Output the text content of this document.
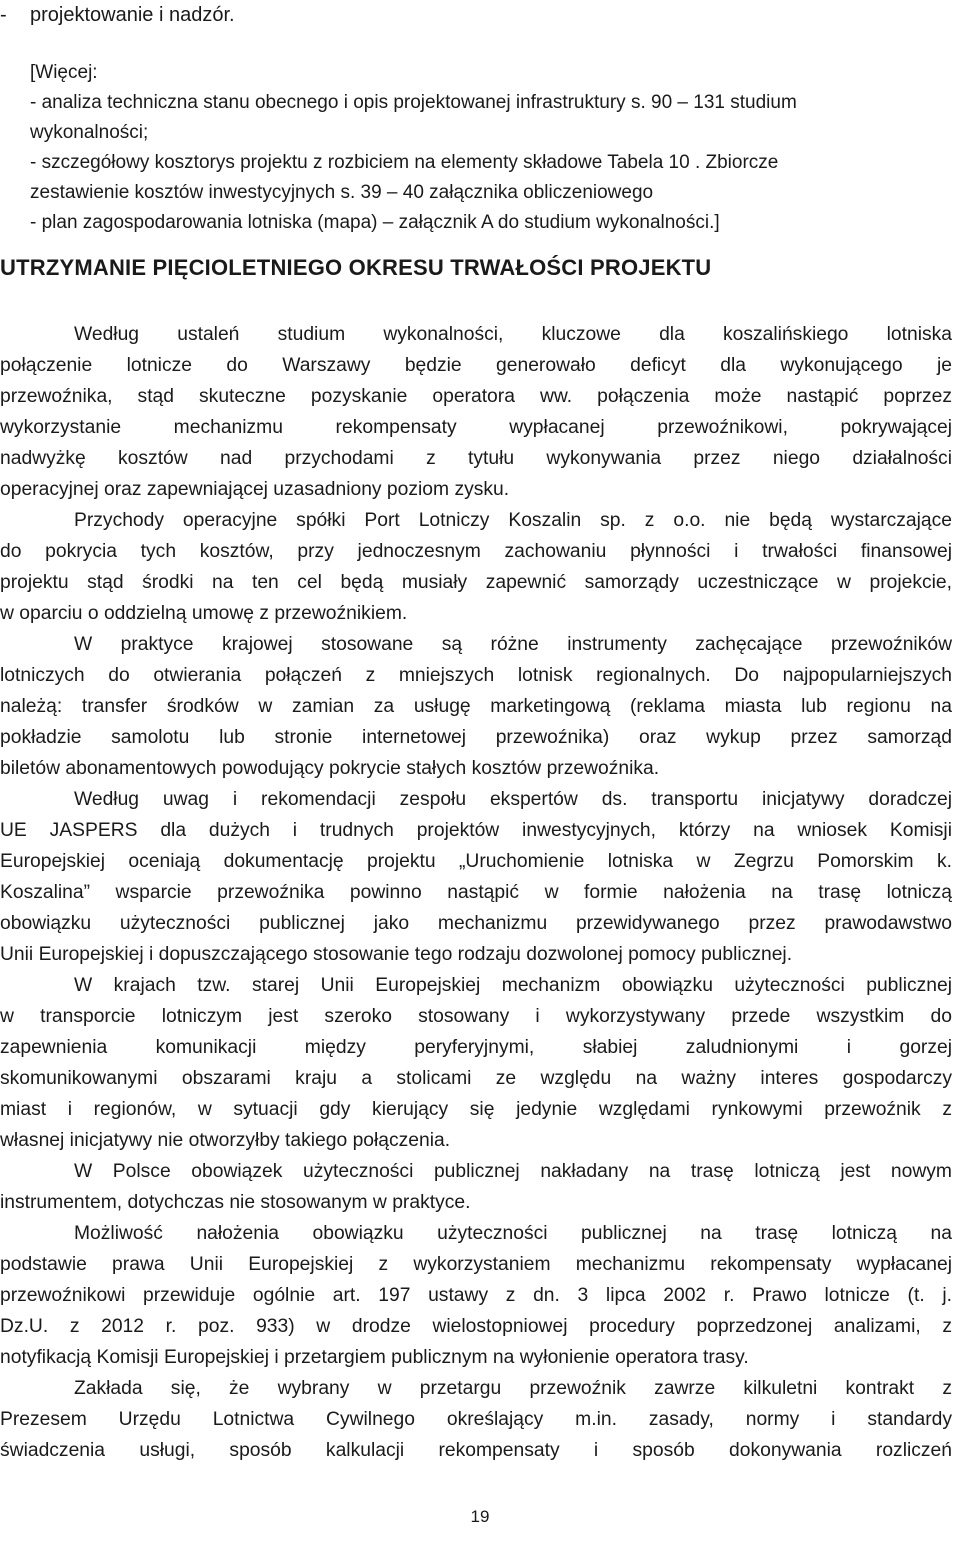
- projektowanie i nadzór.
[Więcej:
- analiza techniczna stanu obecnego i opis projektowanej infrastruktury s. 90 – 131 studium
wykonalności;
- szczegółowy kosztorys projektu z rozbiciem na elementy składowe Tabela 10 . Zbiorcze
zestawienie kosztów inwestycyjnych s. 39 – 40 załącznika obliczeniowego
- plan zagospodarowania lotniska (mapa) – załącznik A do studium wykonalności.]
UTRZYMANIE PIĘCIOLETNIEGO OKRESU TRWAŁOŚCI PROJEKTU
Według ustaleń studium wykonalności, kluczowe dla koszalińskiego lotniska
połączenie lotnicze do Warszawy będzie generowało deficyt dla wykonującego je
przewoźnika, stąd skuteczne pozyskanie operatora ww. połączenia może nastąpić poprzez
wykorzystanie mechanizmu rekompensaty wypłacanej przewoźnikowi, pokrywającej
nadwyżkę kosztów nad przychodami z tytułu wykonywania przez niego działalności
operacyjnej oraz zapewniającej uzasadniony poziom zysku.
Przychody operacyjne spółki Port Lotniczy Koszalin sp. z o.o. nie będą wystarczające
do pokrycia tych kosztów, przy jednoczesnym zachowaniu płynności i trwałości finansowej
projektu stąd środki na ten cel będą musiały zapewnić samorządy uczestniczące w projekcie,
w oparciu o oddzielną umowę z przewoźnikiem.
W praktyce krajowej stosowane są różne instrumenty zachęcające przewoźników
lotniczych do otwierania połączeń z mniejszych lotnisk regionalnych. Do najpopularniejszych
należą: transfer środków w zamian za usługę marketingową (reklama miasta lub regionu na
pokładzie samolotu lub stronie internetowej przewoźnika) oraz wykup przez samorząd
biletów abonamentowych powodujący pokrycie stałych kosztów przewoźnika.
Według uwag i rekomendacji zespołu ekspertów ds. transportu inicjatywy doradczej
UE JASPERS dla dużych i trudnych projektów inwestycyjnych, którzy na wniosek Komisji
Europejskiej oceniają dokumentację projektu „Uruchomienie lotniska w Zegrzu Pomorskim k.
Koszalina” wsparcie przewoźnika powinno nastąpić w formie nałożenia na trasę lotniczą
obowiązku użyteczności publicznej jako mechanizmu przewidywanego przez prawodawstwo
Unii Europejskiej i dopuszczającego stosowanie tego rodzaju dozwolonej pomocy publicznej.
W krajach tzw. starej Unii Europejskiej mechanizm obowiązku użyteczności publicznej
w transporcie lotniczym jest szeroko stosowany i wykorzystywany przede wszystkim do
zapewnienia komunikacji między peryferyjnymi, słabiej zaludnionymi i gorzej
skomunikowanymi obszarami kraju a stolicami ze względu na ważny interes gospodarczy
miast i regionów, w sytuacji gdy kierujący się jedynie względami rynkowymi przewoźnik z
własnej inicjatywy nie otworzyłby takiego połączenia.
W Polsce obowiązek użyteczności publicznej nakładany na trasę lotniczą jest nowym
instrumentem, dotychczas nie stosowanym w praktyce.
Możliwość nałożenia obowiązku użyteczności publicznej na trasę lotniczą na
podstawie prawa Unii Europejskiej z wykorzystaniem mechanizmu rekompensaty wypłacanej
przewoźnikowi przewiduje ogólnie art. 197 ustawy z dn. 3 lipca 2002 r. Prawo lotnicze (t. j.
Dz.U. z 2012 r. poz. 933) w drodze wielostopniowej procedury poprzedzonej analizami, z
notyfikacją Komisji Europejskiej i przetargiem publicznym na wyłonienie operatora trasy.
Zakłada się, że wybrany w przetargu przewoźnik zawrze kilkuletni kontrakt z
Prezesem Urzędu Lotnictwa Cywilnego określający m.in. zasady, normy i standardy
świadczenia usługi, sposób kalkulacji rekompensaty i sposób dokonywania rozliczeń
19
